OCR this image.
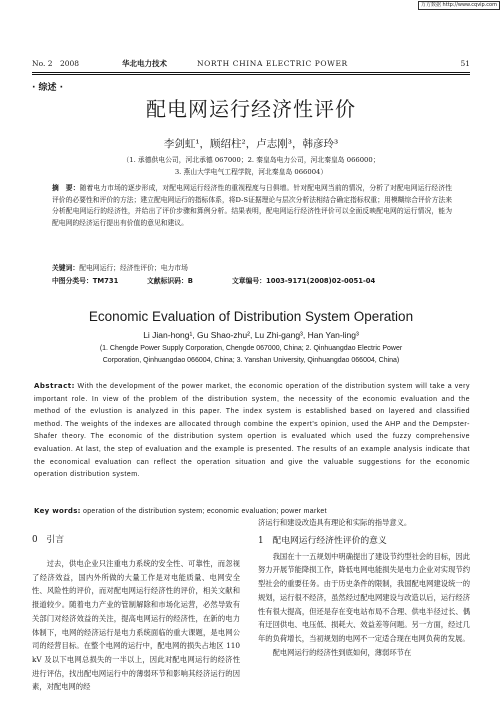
万方数据 http://www.cqvip.com
No. 2　2008	华北电力技术	NORTH CHINA ELECTRIC POWER	51
· 综述 ·
配电网运行经济性评价
李剑虹¹，顾绍柱²，卢志刚³，韩彦玲³
（1. 承德供电公司，河北承德 067000；2. 秦皇岛电力公司，河北秦皇岛 066000；
3. 燕山大学电气工程学院，河北秦皇岛 066004）
摘　要：随着电力市场的逐步形成，对配电网运行经济性的重视程度与日俱增。针对配电网当前的情况，分析了对配电网运行经济性评价的必要性和评价的方法；建立配电网运行的指标体系，将D-S证据理论与层次分析法相结合确定指标权重；用模糊综合评价方法来分析配电网运行的经济性，并给出了评价步骤和算例分析。结果表明，配电网运行经济性评价可以全面反映配电网的运行情况，能为配电网的经济运行提出有价值的意见和建议。
关键词：配电网运行；经济性评价；电力市场
中图分类号：TM731	文献标识码：B	文章编号：1003-9171(2008)02-0051-04
Economic Evaluation of Distribution System Operation
Li Jian-hong¹, Gu Shao-zhu², Lu Zhi-gang³, Han Yan-ling³
(1. Chengde Power Supply Corporation, Chengde 067000, China; 2. Qinhuangdao Electric Power
Corporation, Qinhuangdao 066004, China; 3. Yanshan University, Qinhuangdao 066004, China)
Abstract: With the development of the power market, the economic operation of the distribution system will take a very important role. In view of the problem of the distribution system, the necessity of the economic evaluation and the method of the evlustion is analyzed in this paper. The index system is established based on layered and classified method. The weights of the indexes are allocated through combine the expert's opinion, used the AHP and the Dempster-Shafer theory. The economic of the distribution system opertion is evaluated which used the fuzzy comprehensive evaluation. At last, the step of evaluation and the example is presented. The results of an example analysis indicate that the economical evaluation can reflect the operation situation and give the valuable suggestions for the economic operation distribution system.
Key words: operation of the distribution system; economic evaluation; power market

0　引言

过去，供电企业只注重电力系统的安全性、可靠性，而忽视了经济效益，国内外所做的大量工作是对电能质量、电网安全性、风险性的评价，而对配电网运行经济性的评价，相关文献和报道较少。随着电力产业的管制解除和市场化运营，必然导致有关部门对经济效益的关注，提高电网运行的经济性，在新的电力体制下，电网的经济运行是电力系统面临的重大课题，是电网公司的经营目标。在整个电网的运行中，配电网的损失占地区 110 kV 及以下电网总损失的一半以上，因此对配电网运行的经济性进行评估，找出配电网运行中的薄弱环节和影响其经济运行的因素，对配电网的经

济运行和建设改造具有理论和实际的指导意义。

1　配电网运行经济性评价的意义

我国在十一五规划中明确提出了建设节约型社会的目标，因此努力开展节能降损工作，降低电网电能损失是电力企业对实现节约型社会的重要任务。由于历史条件的限制，我国配电网建设统一的规划，运行很不经济，虽然经过配电网建设与改造以后，运行经济性有很大提高，但还是存在变电站布局不合理、供电半径过长、偶有迂回供电、电压低、损耗大、效益差等问题。另一方面，经过几年的负荷增长，当初规划的电网不一定适合现在电网负荷的发展。

配电网运行的经济性到底如何，薄弱环节在
